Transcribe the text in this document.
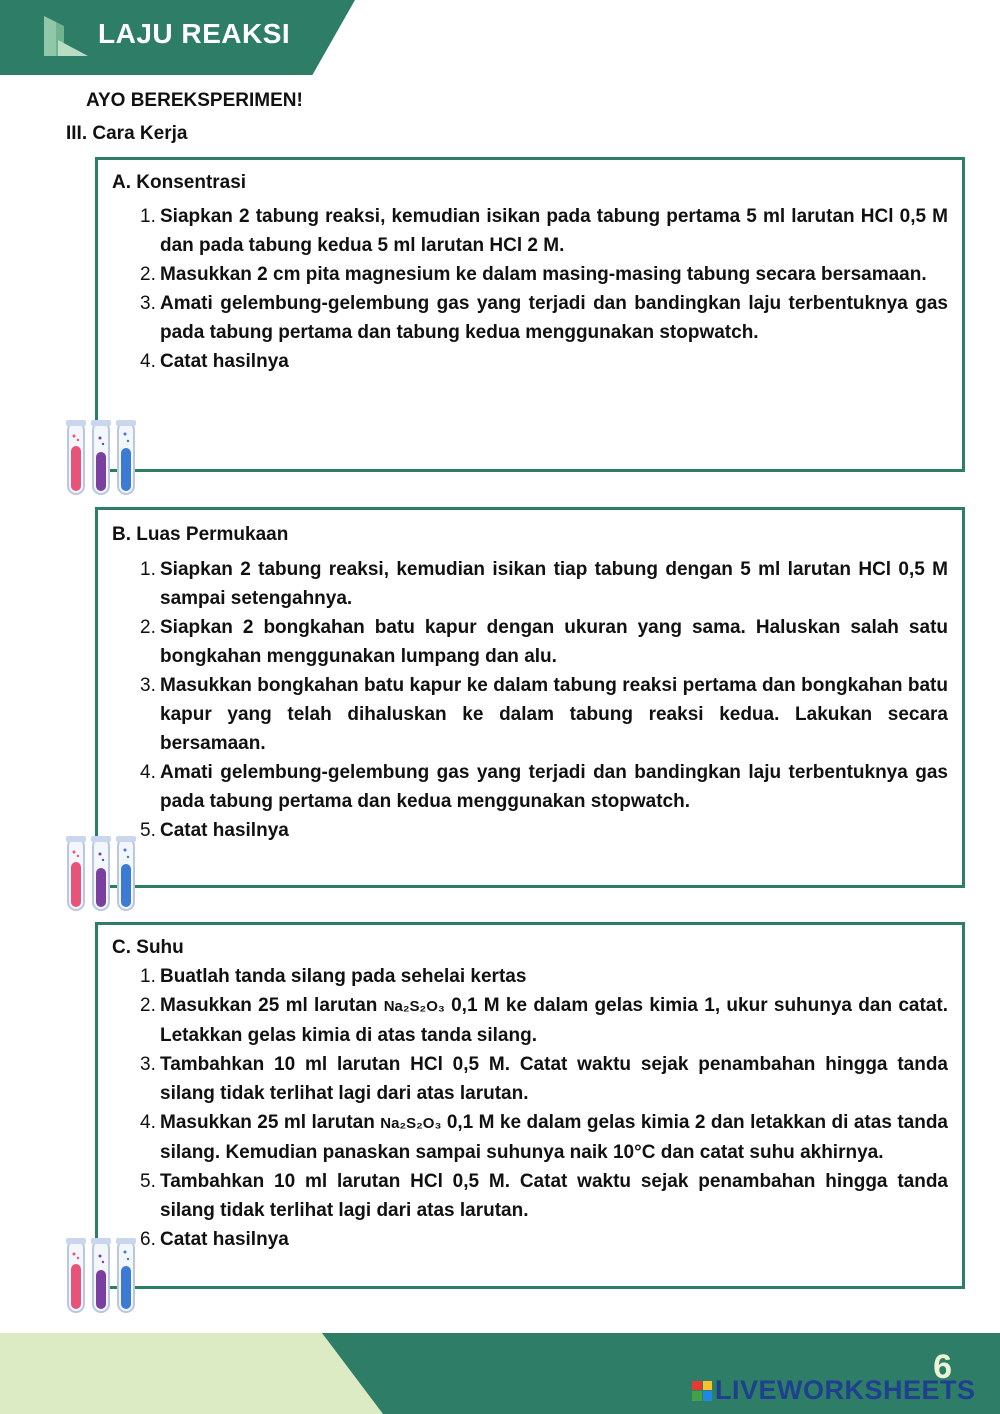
LAJU REAKSI
AYO BEREKSPERIMEN!
III. Cara Kerja
A. Konsentrasi
1. Siapkan 2 tabung reaksi, kemudian isikan pada tabung pertama 5 ml larutan HCl 0,5 M dan pada tabung kedua 5 ml larutan HCl 2 M.
2. Masukkan 2 cm pita magnesium ke dalam masing-masing tabung secara bersamaan.
3. Amati gelembung-gelembung gas yang terjadi dan bandingkan laju terbentuknya gas pada tabung pertama dan tabung kedua menggunakan stopwatch.
4. Catat hasilnya
B. Luas Permukaan
1. Siapkan 2 tabung reaksi, kemudian isikan tiap tabung dengan 5 ml larutan HCl 0,5 M sampai setengahnya.
2. Siapkan 2 bongkahan batu kapur dengan ukuran yang sama. Haluskan salah satu bongkahan menggunakan lumpang dan alu.
3. Masukkan bongkahan batu kapur ke dalam tabung reaksi pertama dan bongkahan batu kapur yang telah dihaluskan ke dalam tabung reaksi kedua. Lakukan secara bersamaan.
4. Amati gelembung-gelembung gas yang terjadi dan bandingkan laju terbentuknya gas pada tabung pertama dan kedua menggunakan stopwatch.
5. Catat hasilnya
C. Suhu
1. Buatlah tanda silang pada sehelai kertas
2. Masukkan 25 ml larutan Na₂S₂O₃ 0,1 M ke dalam gelas kimia 1, ukur suhunya dan catat. Letakkan gelas kimia di atas tanda silang.
3. Tambahkan 10 ml larutan HCl 0,5 M. Catat waktu sejak penambahan hingga tanda silang tidak terlihat lagi dari atas larutan.
4. Masukkan 25 ml larutan Na₂S₂O₃ 0,1 M ke dalam gelas kimia 2 dan letakkan di atas tanda silang. Kemudian panaskan sampai suhunya naik 10°C dan catat suhu akhirnya.
5. Tambahkan 10 ml larutan HCl 0,5 M. Catat waktu sejak penambahan hingga tanda silang tidak terlihat lagi dari atas larutan.
6. Catat hasilnya
6
LIVEWORKSHEETS
